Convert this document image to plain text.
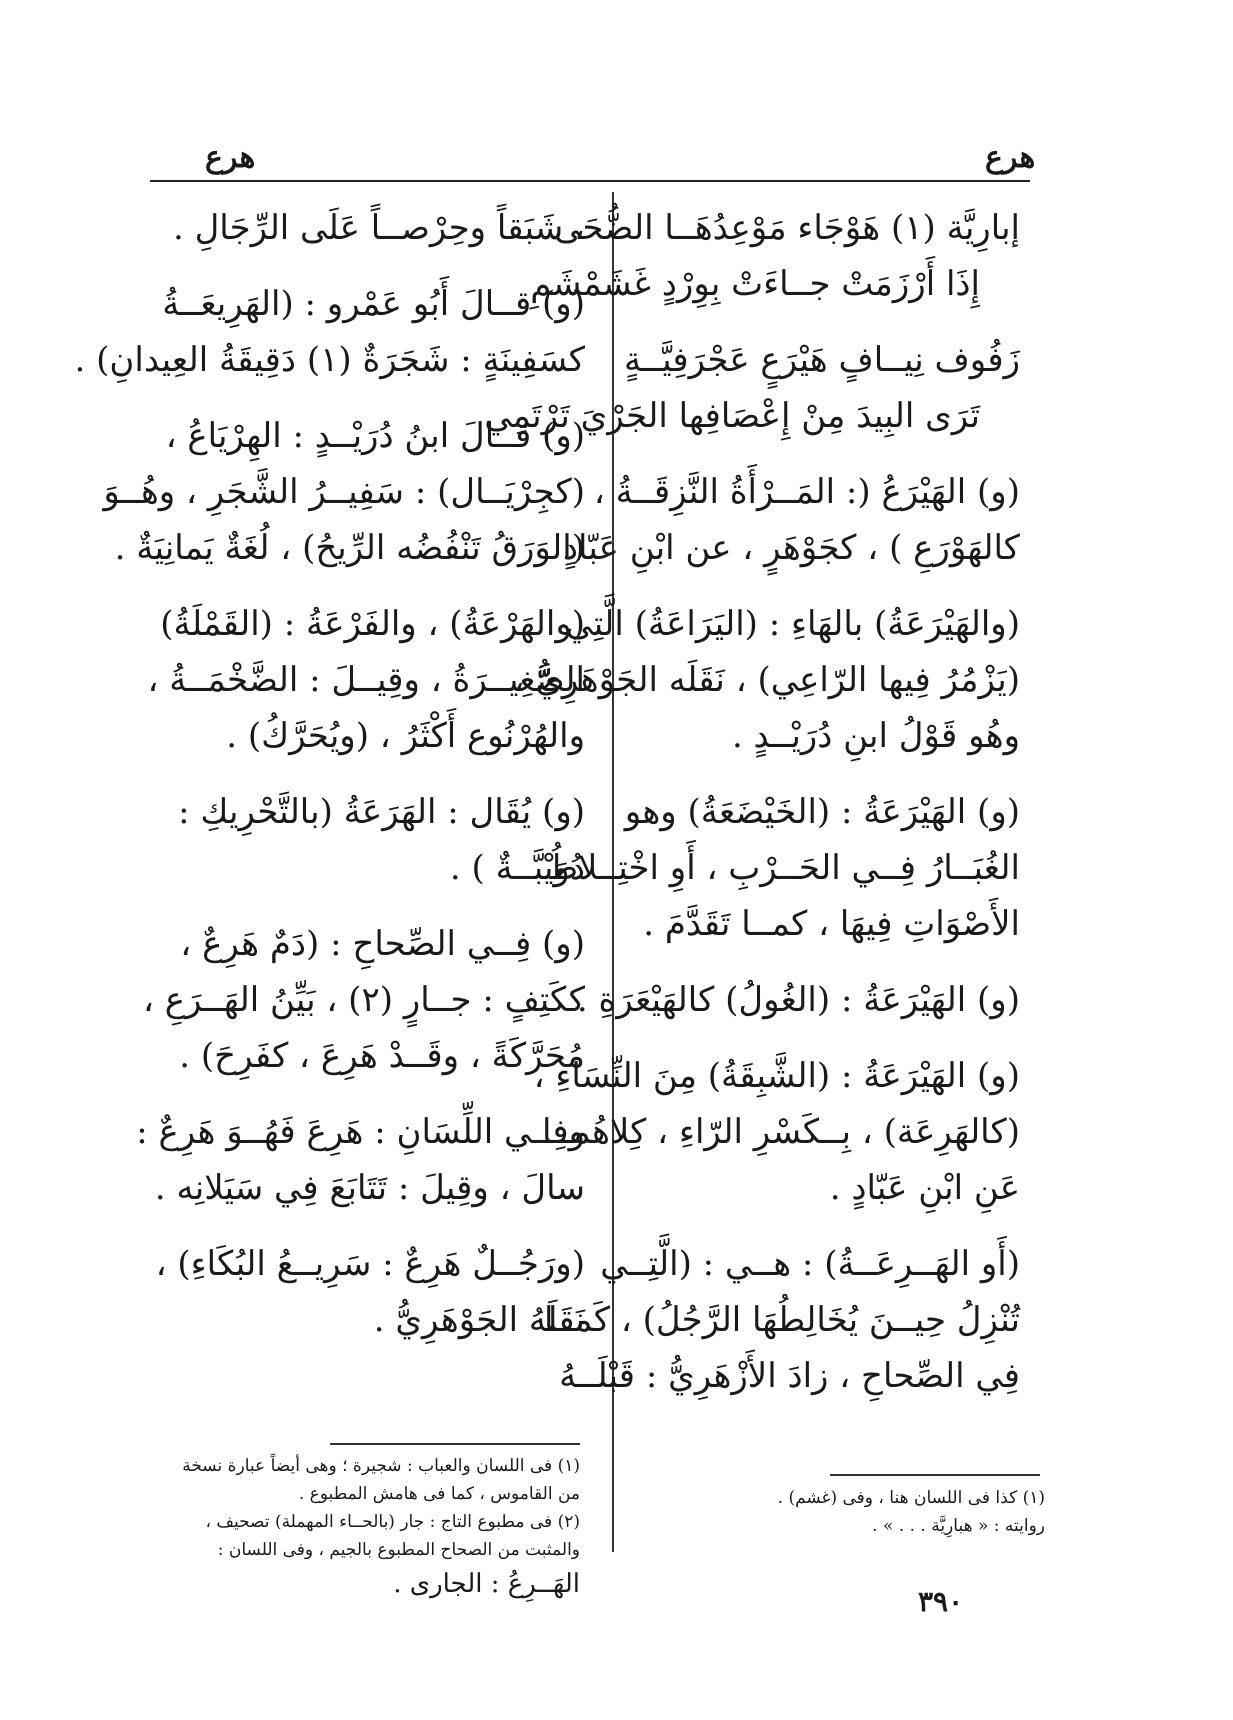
هرع
هرع
إبارِيَّة (١) هَوْجَاء مَوْعِدُهَــا الضُّحَى
إِذَا أَرْزَمَتْ جــاءَتْ بِوِرْدٍ غَشَمْشَمِ
زَفُوف نِيــافٍ هَيْرَعٍ عَجْرَفِيَّــةٍ
تَرَى البِيدَ مِنْ إِعْصَافِها الجَرْيَ تَرْتَمِي
(و) الهَيْرَعُ (: المَــرْأَةُ النَّزِقَــةُ ،
كالهَوْرَعِ ) ، كجَوْهَرٍ ، عن ابْنِ عَبّادٍ .
(والهَيْرَعَةُ) بالهَاءِ : (اليَرَاعَةُ) الَّتِي
(يَزْمُرُ فِيها الرّاعِي) ، نَقَلَه الجَوْهَرِيُّ ،
وهُو قَوْلُ ابنِ دُرَيْــدٍ .
(و) الهَيْرَعَةُ : (الخَيْضَعَةُ) وهو
الغُبَــارُ فِــي الحَــرْبِ ، أَوِ اخْتِــلاطُ
الأَصْوَاتِ فِيهَا ، كمــا تَقَدَّمَ .
(و) الهَيْرَعَةُ : (الغُولُ) كالهَيْعَرَةِ .
(و) الهَيْرَعَةُ : (الشَّبِقَةُ) مِنَ النِّسَاءِ ،
(كالهَرِعَة) ، بِــكَسْرِ الرّاءِ ، كِلاهُمــا
عَنِ ابْنِ عَبّادٍ .
(أَو الهَــرِعَــةُ) : هــي : (الَّتِــي
تُنْزِلُ حِيــنَ يُخَالِطُهَا الرَّجُلُ) ، كَمــا
فِي الصِّحاحِ ، زادَ الأَزْهَرِيُّ : قَبْلَــهُ
، شَبَقاً وحِرْصــاً عَلَى الرِّجَالِ .
(و) قــالَ أَبُو عَمْرو : (الهَرِيعَــةُ
كسَفِينَةٍ : شَجَرَةٌ (١) دَقِيقَةُ العِيدانِ) .
(و) قــالَ ابنُ دُرَيْــدٍ : الهِرْيَاعُ ،
(كجِرْيَــال) : سَفِيــرُ الشَّجَرِ ، وهُــوَ
(الوَرَقُ تَنْفُضُه الرِّيحُ) ، لُغَةٌ يَمانِيَةٌ .
(والهَرْعَةُ) ، والفَرْعَةُ : (القَمْلَةُ)
الصَّغِيــرَةُ ، وقِيــلَ : الضَّخْمَــةُ ،
والهُرْنُوع أَكْثَرُ ، (ويُحَرَّكُ) .
(و) يُقَال : الهَرَعَةُ (بالتَّحْرِيكِ :
دُوَيْبَّــةٌ ) .
(و) فِــي الصِّحاحِ : (دَمٌ هَرِعٌ ،
ككَتِفٍ : جــارٍ (٢) ، بَيِّنُ الهَــرَعِ ،
مُحَرَّكَةً ، وقَــدْ هَرِعَ ، كفَرِحَ) .
وفِــي اللِّسَانِ : هَرِعَ فَهُــوَ هَرِعٌ :
سالَ ، وقِيلَ : تَتَابَعَ فِي سَيَلانِه .
(ورَجُــلٌ هَرِعٌ : سَرِيــعُ البُكَاءِ) ،
نَقَلَهُ الجَوْهَرِيُّ .
(١) فى اللسان والعباب : شجيرة ؛ وهى أيضاً عبارة نسخة
من القاموس ، كما فى هامش المطبوع .
(٢) فى مطبوع التاج : جار (بالحــاء المهملة) تصحيف ،
والمثبت من الصحاح المطبوع بالجيم ، وفى اللسان :
الهَــرِعُ : الجارى .
(١) كذا فى اللسان هنا ، وفى (غشم) .
روايته : « هبارِيَّة . . . » .
٣٩٠
